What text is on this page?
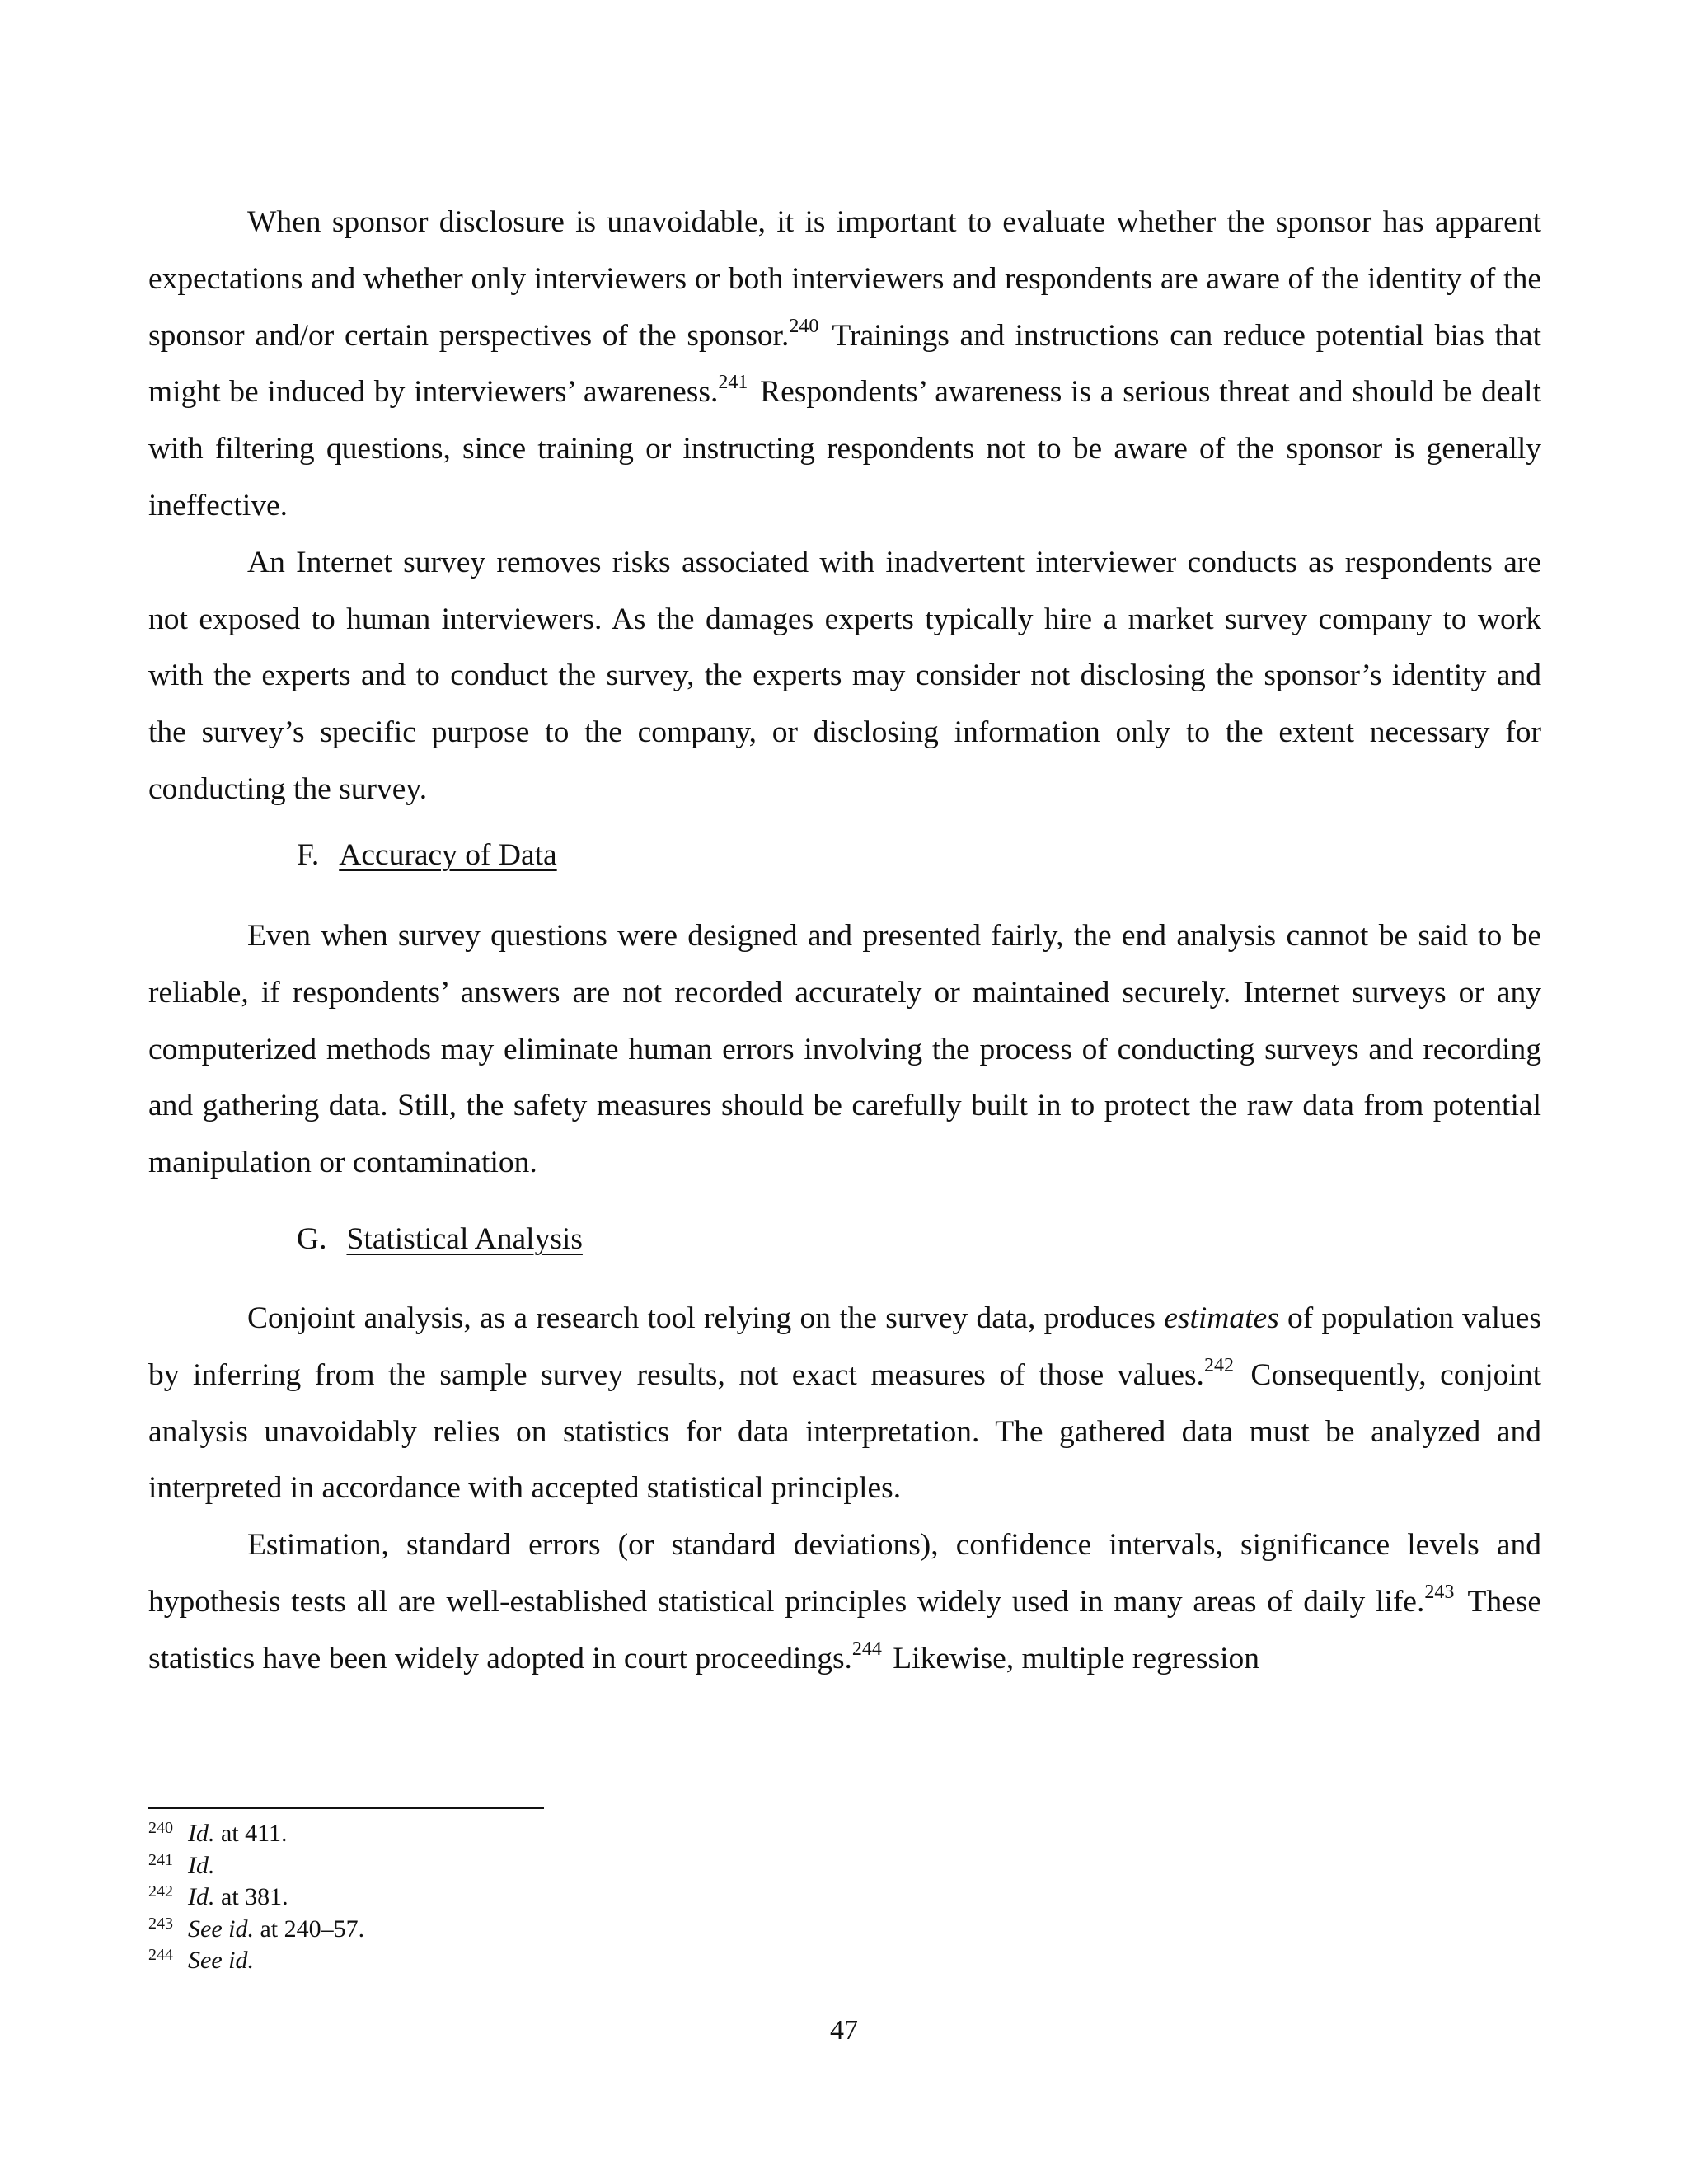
When sponsor disclosure is unavoidable, it is important to evaluate whether the sponsor has apparent expectations and whether only interviewers or both interviewers and respondents are aware of the identity of the sponsor and/or certain perspectives of the sponsor.$^{240}$ Trainings and instructions can reduce potential bias that might be induced by interviewers’ awareness.$^{241}$ Respondents’ awareness is a serious threat and should be dealt with filtering questions, since training or instructing respondents not to be aware of the sponsor is generally ineffective.

An Internet survey removes risks associated with inadvertent interviewer conducts as respondents are not exposed to human interviewers. As the damages experts typically hire a market survey company to work with the experts and to conduct the survey, the experts may consider not disclosing the sponsor’s identity and the survey’s specific purpose to the company, or disclosing information only to the extent necessary for conducting the survey.

F. Accuracy of Data

Even when survey questions were designed and presented fairly, the end analysis cannot be said to be reliable, if respondents’ answers are not recorded accurately or maintained securely. Internet surveys or any computerized methods may eliminate human errors involving the process of conducting surveys and recording and gathering data. Still, the safety measures should be carefully built in to protect the raw data from potential manipulation or contamination.

G. Statistical Analysis

Conjoint analysis, as a research tool relying on the survey data, produces estimates of population values by inferring from the sample survey results, not exact measures of those values.$^{242}$ Consequently, conjoint analysis unavoidably relies on statistics for data interpretation. The gathered data must be analyzed and interpreted in accordance with accepted statistical principles.

Estimation, standard errors (or standard deviations), confidence intervals, significance levels and hypothesis tests all are well-established statistical principles widely used in many areas of daily life.$^{243}$ These statistics have been widely adopted in court proceedings.$^{244}$ Likewise, multiple regression

240 Id. at 411.

241 Id.

242 Id. at 381.

243 See id. at 240–57.

244 See id.

47
